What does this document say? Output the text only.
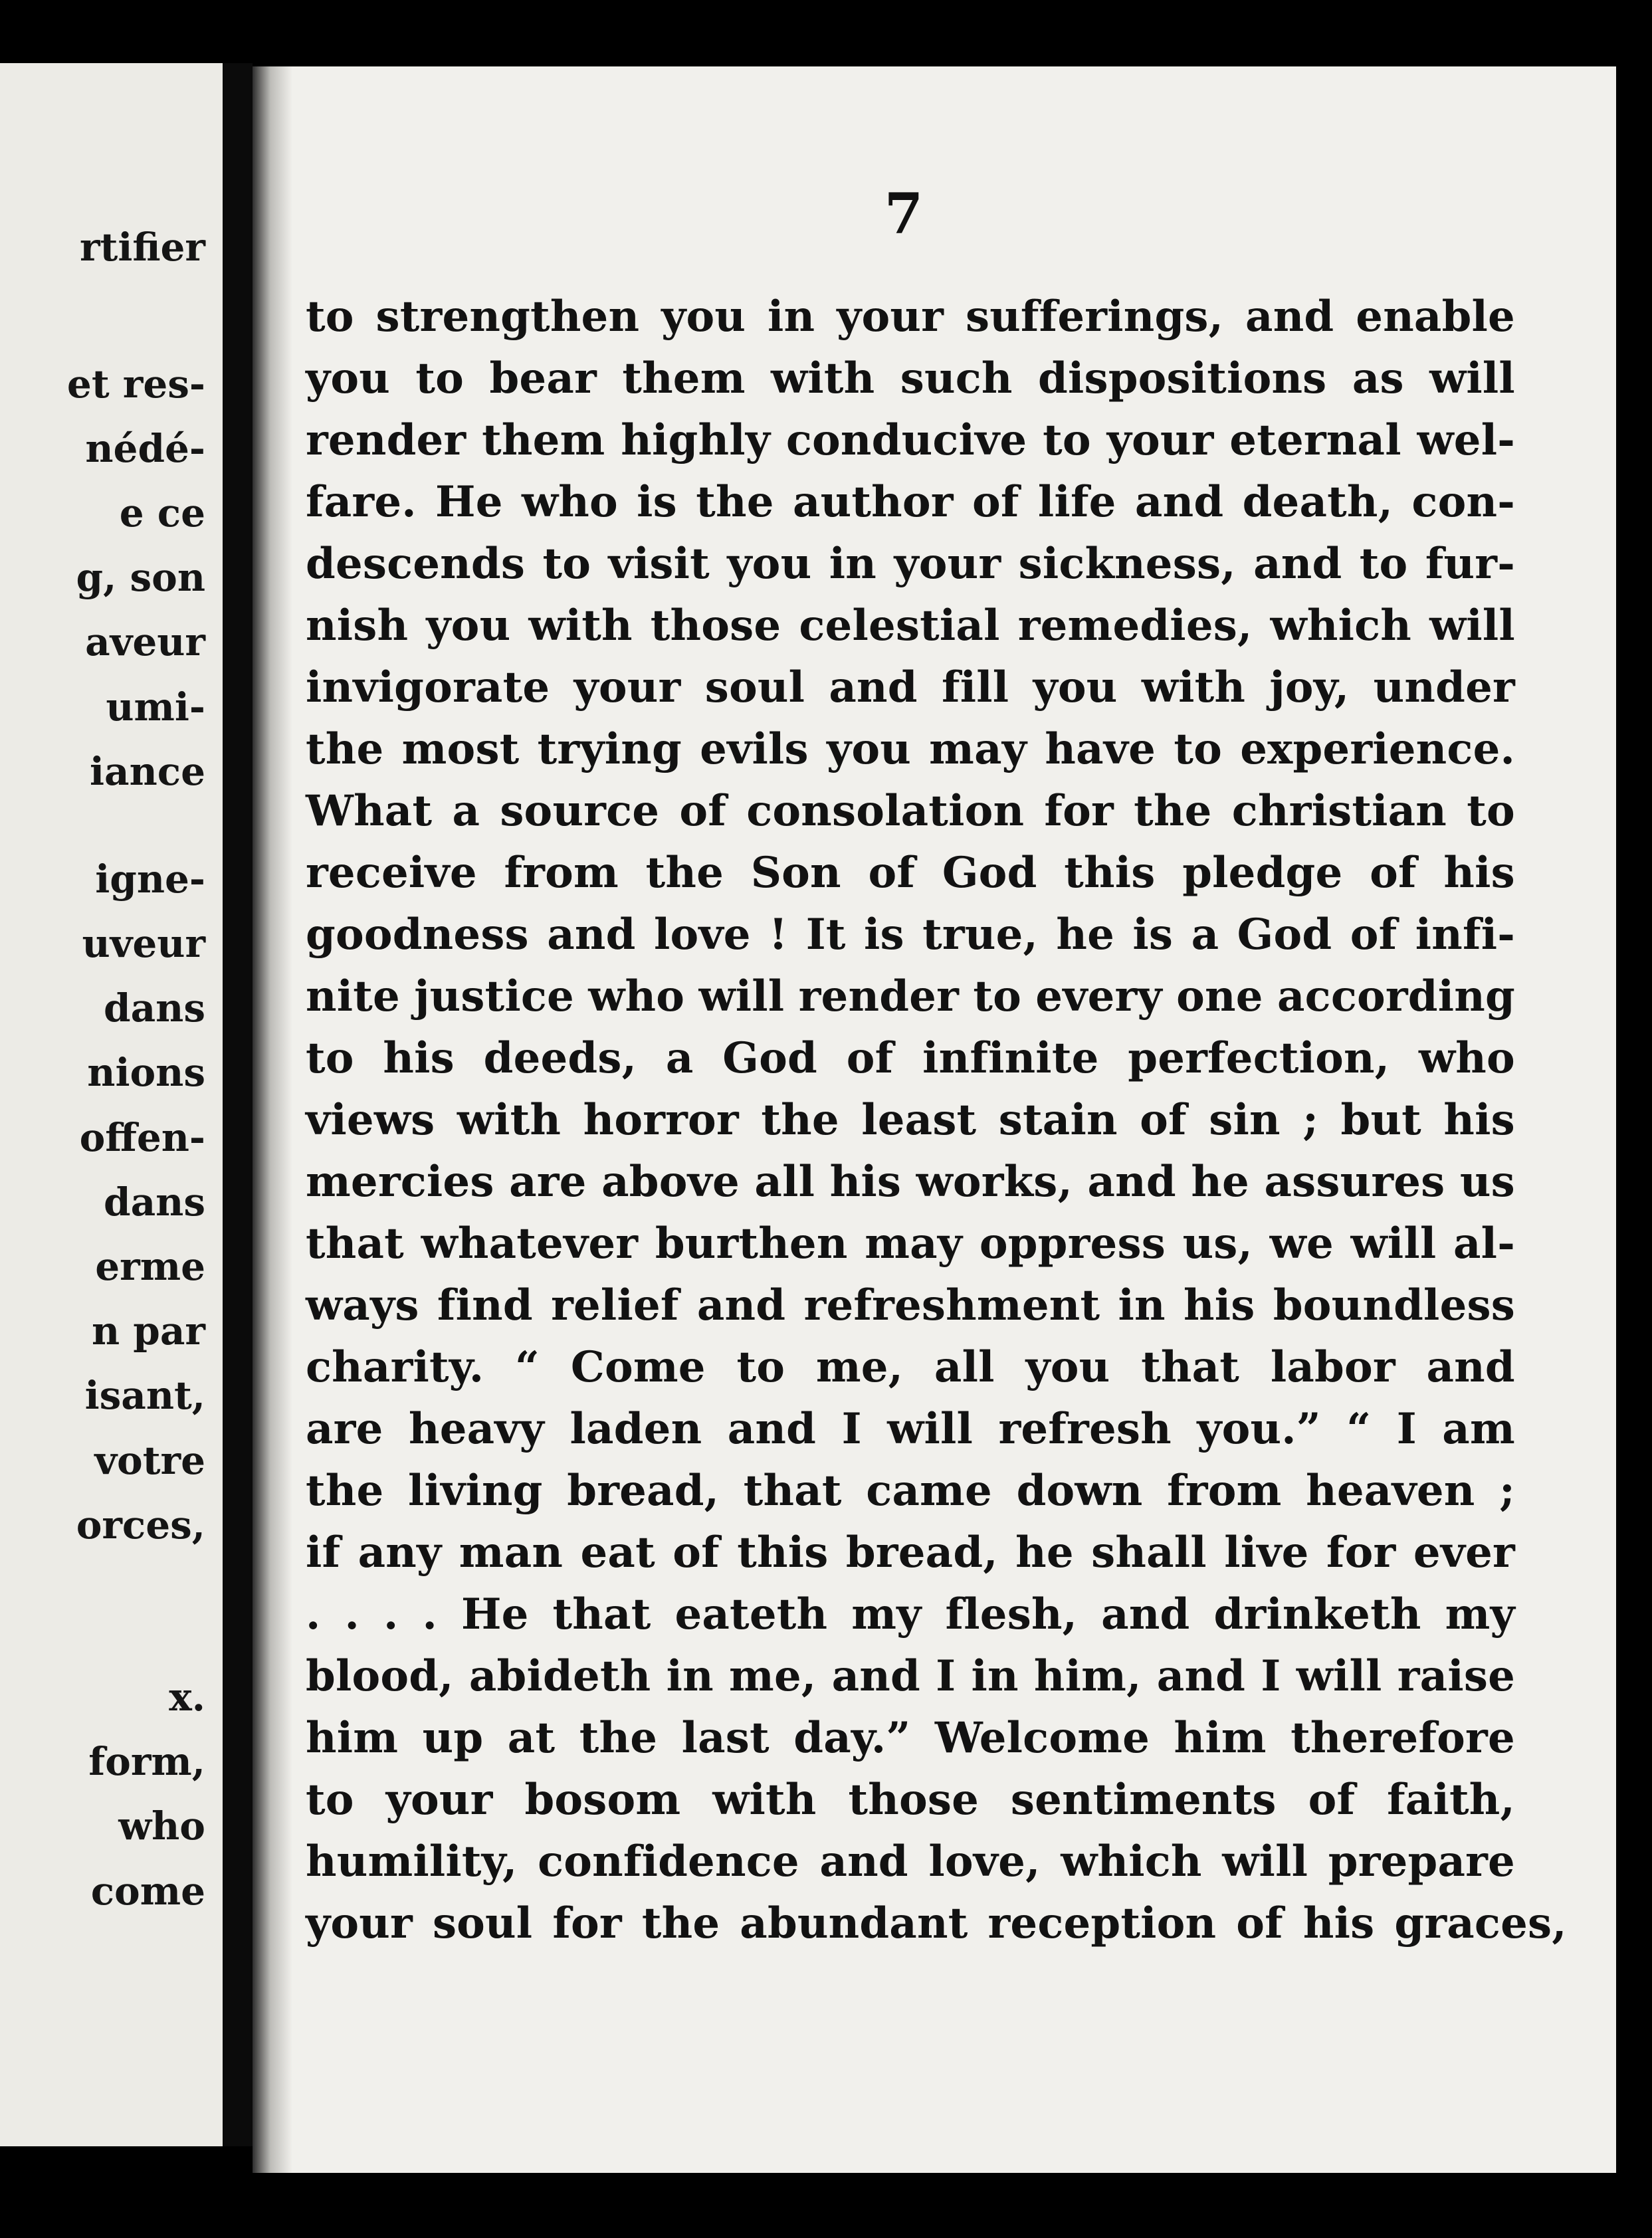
rtifier
et res-
nédé-
e ce
g, son
aveur
umi-
iance
igne-
uveur
dans
nions
offen-
dans
erme
n par
isant,
votre
orces,
x.
form,
who
come
7
to strengthen you in your sufferings, and enable
you to bear them with such dispositions as will
render them highly conducive to your eternal wel-
fare. He who is the author of life and death, con-
descends to visit you in your sickness, and to fur-
nish you with those celestial remedies, which will
invigorate your soul and fill you with joy, under
the most trying evils you may have to experience.
What a source of consolation for the christian to
receive from the Son of God this pledge of his
goodness and love ! It is true, he is a God of infi-
nite justice who will render to every one according
to his deeds, a God of infinite perfection, who
views with horror the least stain of sin ; but his
mercies are above all his works, and he assures us
that whatever burthen may oppress us, we will al-
ways find relief and refreshment in his boundless
charity. “ Come to me, all you that labor and
are heavy laden and I will refresh you.” “ I am
the living bread, that came down from heaven ;
if any man eat of this bread, he shall live for ever
. . . . He that eateth my flesh, and drinketh my
blood, abideth in me, and I in him, and I will raise
him up at the last day.” Welcome him therefore
to your bosom with those sentiments of faith,
humility, confidence and love, which will prepare
your soul for the abundant reception of his graces,
